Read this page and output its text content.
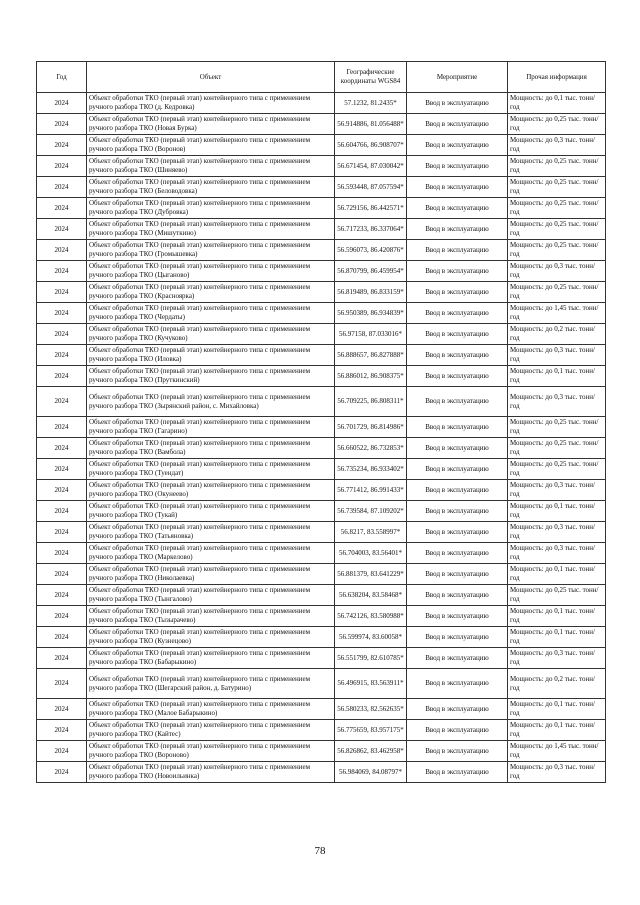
Год	Объект	Географические координаты WGS84	Мероприятие	Прочая информация
2024	Объект обработки ТКО (первый этап) контейнерного типа с применением ручного разбора ТКО (д. Кедровка)	57.1232, 81.2435*	Ввод в эксплуатацию	Мощность: до 0,1 тыс. тонн/ год
2024	Объект обработки ТКО (первый этап) контейнерного типа с применением ручного разбора ТКО (Новая Бурка)	56.914886, 81.056488*	Ввод в эксплуатацию	Мощность: до 0,25 тыс. тонн/ год
2024	Объект обработки ТКО (первый этап) контейнерного типа с применением ручного разбора ТКО (Воронов)	56.604766, 86.908707*	Ввод в эксплуатацию	Мощность: до 0,3 тыс. тонн/ год
2024	Объект обработки ТКО (первый этап) контейнерного типа с применением ручного разбора ТКО (Шиняево)	56.671454, 87.030042*	Ввод в эксплуатацию	Мощность: до 0,25 тыс. тонн/ год
2024	Объект обработки ТКО (первый этап) контейнерного типа с применением ручного разбора ТКО (Беловодовка)	56.593448, 87.057594*	Ввод в эксплуатацию	Мощность: до 0,25 тыс. тонн/ год
2024	Объект обработки ТКО (первый этап) контейнерного типа с применением ручного разбора ТКО (Дубровка)	56.729156, 86.442571*	Ввод в эксплуатацию	Мощность: до 0,25 тыс. тонн/ год
2024	Объект обработки ТКО (первый этап) контейнерного типа с применением ручного разбора ТКО (Мишуткино)	56.717233, 86.337064*	Ввод в эксплуатацию	Мощность: до 0,25 тыс. тонн/ год
2024	Объект обработки ТКО (первый этап) контейнерного типа с применением ручного разбора ТКО (Громышевка)	56.596073, 86.420876*	Ввод в эксплуатацию	Мощность: до 0,25 тыс. тонн/ год
2024	Объект обработки ТКО (первый этап) контейнерного типа с применением ручного разбора ТКО (Цыганово)	56.870799, 86.459954*	Ввод в эксплуатацию	Мощность: до 0,3 тыс. тонн/ год
2024	Объект обработки ТКО (первый этап) контейнерного типа с применением ручного разбора ТКО (Красноярка)	56.819489, 86.833159*	Ввод в эксплуатацию	Мощность: до 0,25 тыс. тонн/ год
2024	Объект обработки ТКО (первый этап) контейнерного типа с применением ручного разбора ТКО (Чердаты)	56.950389, 86.934839*	Ввод в эксплуатацию	Мощность: до 1,45 тыс. тонн/ год
2024	Объект обработки ТКО (первый этап) контейнерного типа с применением ручного разбора ТКО (Кучуково)	56.97158, 87.033016*	Ввод в эксплуатацию	Мощность: до 0,2 тыс. тонн/ год
2024	Объект обработки ТКО (первый этап) контейнерного типа с применением ручного разбора ТКО (Иловка)	56.888657, 86.827888*	Ввод в эксплуатацию	Мощность: до 0,3 тыс. тонн/ год
2024	Объект обработки ТКО (первый этап) контейнерного типа с применением ручного разбора ТКО (Пруткинский)	56.886012, 86.908375*	Ввод в эксплуатацию	Мощность: до 0,1 тыс. тонн/ год
2024	Объект обработки ТКО (первый этап) контейнерного типа с применением ручного разбора ТКО (Зырянский район, с. Михайловка)	56.709225, 86.808311*	Ввод в эксплуатацию	Мощность: до 0,3 тыс. тонн/ год
2024	Объект обработки ТКО (первый этап) контейнерного типа с применением ручного разбора ТКО (Гагарино)	56.701729, 86.814986*	Ввод в эксплуатацию	Мощность: до 0,25 тыс. тонн/ год
2024	Объект обработки ТКО (первый этап) контейнерного типа с применением ручного разбора ТКО (Вамбола)	56.660522, 86.732853*	Ввод в эксплуатацию	Мощность: до 0,25 тыс. тонн/ год
2024	Объект обработки ТКО (первый этап) контейнерного типа с применением ручного разбора ТКО (Туендат)	56.735234, 86.933402*	Ввод в эксплуатацию	Мощность: до 0,25 тыс. тонн/ год
2024	Объект обработки ТКО (первый этап) контейнерного типа с применением ручного разбора ТКО (Окунеево)	56.771412, 86.991433*	Ввод в эксплуатацию	Мощность: до 0,3 тыс. тонн/ год
2024	Объект обработки ТКО (первый этап) контейнерного типа с применением ручного разбора ТКО (Тукай)	56.739584, 87.109202*	Ввод в эксплуатацию	Мощность: до 0,1 тыс. тонн/ год
2024	Объект обработки ТКО (первый этап) контейнерного типа с применением ручного разбора ТКО (Татьяновка)	56.8217, 83.558997*	Ввод в эксплуатацию	Мощность: до 0,3 тыс. тонн/ год
2024	Объект обработки ТКО (первый этап) контейнерного типа с применением ручного разбора ТКО (Маркелово)	56.704003, 83.56401*	Ввод в эксплуатацию	Мощность: до 0,3 тыс. тонн/ год
2024	Объект обработки ТКО (первый этап) контейнерного типа с применением ручного разбора ТКО (Николаевка)	56.881379, 83.641229*	Ввод в эксплуатацию	Мощность: до 0,1 тыс. тонн/ год
2024	Объект обработки ТКО (первый этап) контейнерного типа с применением ручного разбора ТКО (Тынгалово)	56.638204, 83.58468*	Ввод в эксплуатацию	Мощность: до 0,25 тыс. тонн/ год
2024	Объект обработки ТКО (первый этап) контейнерного типа с применением ручного разбора ТКО (Тызырачево)	56.742126, 83.580988*	Ввод в эксплуатацию	Мощность: до 0,1 тыс. тонн/ год
2024	Объект обработки ТКО (первый этап) контейнерного типа с применением ручного разбора ТКО (Кузнецово)	56.599974, 83.60058*	Ввод в эксплуатацию	Мощность: до 0,1 тыс. тонн/ год
2024	Объект обработки ТКО (первый этап) контейнерного типа с применением ручного разбора ТКО (Бабарыкино)	56.551799, 82.610785*	Ввод в эксплуатацию	Мощность: до 0,3 тыс. тонн/ год
2024	Объект обработки ТКО (первый этап) контейнерного типа с применением ручного разбора ТКО (Шегарский район, д. Батурино)	56.496915, 83.563911*	Ввод в эксплуатацию	Мощность: до 0,2 тыс. тонн/ год
2024	Объект обработки ТКО (первый этап) контейнерного типа с применением ручного разбора ТКО (Малое Бабарыкино)	56.580233, 82.562635*	Ввод в эксплуатацию	Мощность: до 0,1 тыс. тонн/ год
2024	Объект обработки ТКО (первый этап) контейнерного типа с применением ручного разбора ТКО (Кайтес)	56.775659, 83.957175*	Ввод в эксплуатацию	Мощность: до 0,1 тыс. тонн/ год
2024	Объект обработки ТКО (первый этап) контейнерного типа с применением ручного разбора ТКО (Вороново)	56.826862, 83.462958*	Ввод в эксплуатацию	Мощность: до 1,45 тыс. тонн/ год
2024	Объект обработки ТКО (первый этап) контейнерного типа с применением ручного разбора ТКО (Новоильинка)	56.984069, 84.08797*	Ввод в эксплуатацию	Мощность: до 0,3 тыс. тонн/ год
78
